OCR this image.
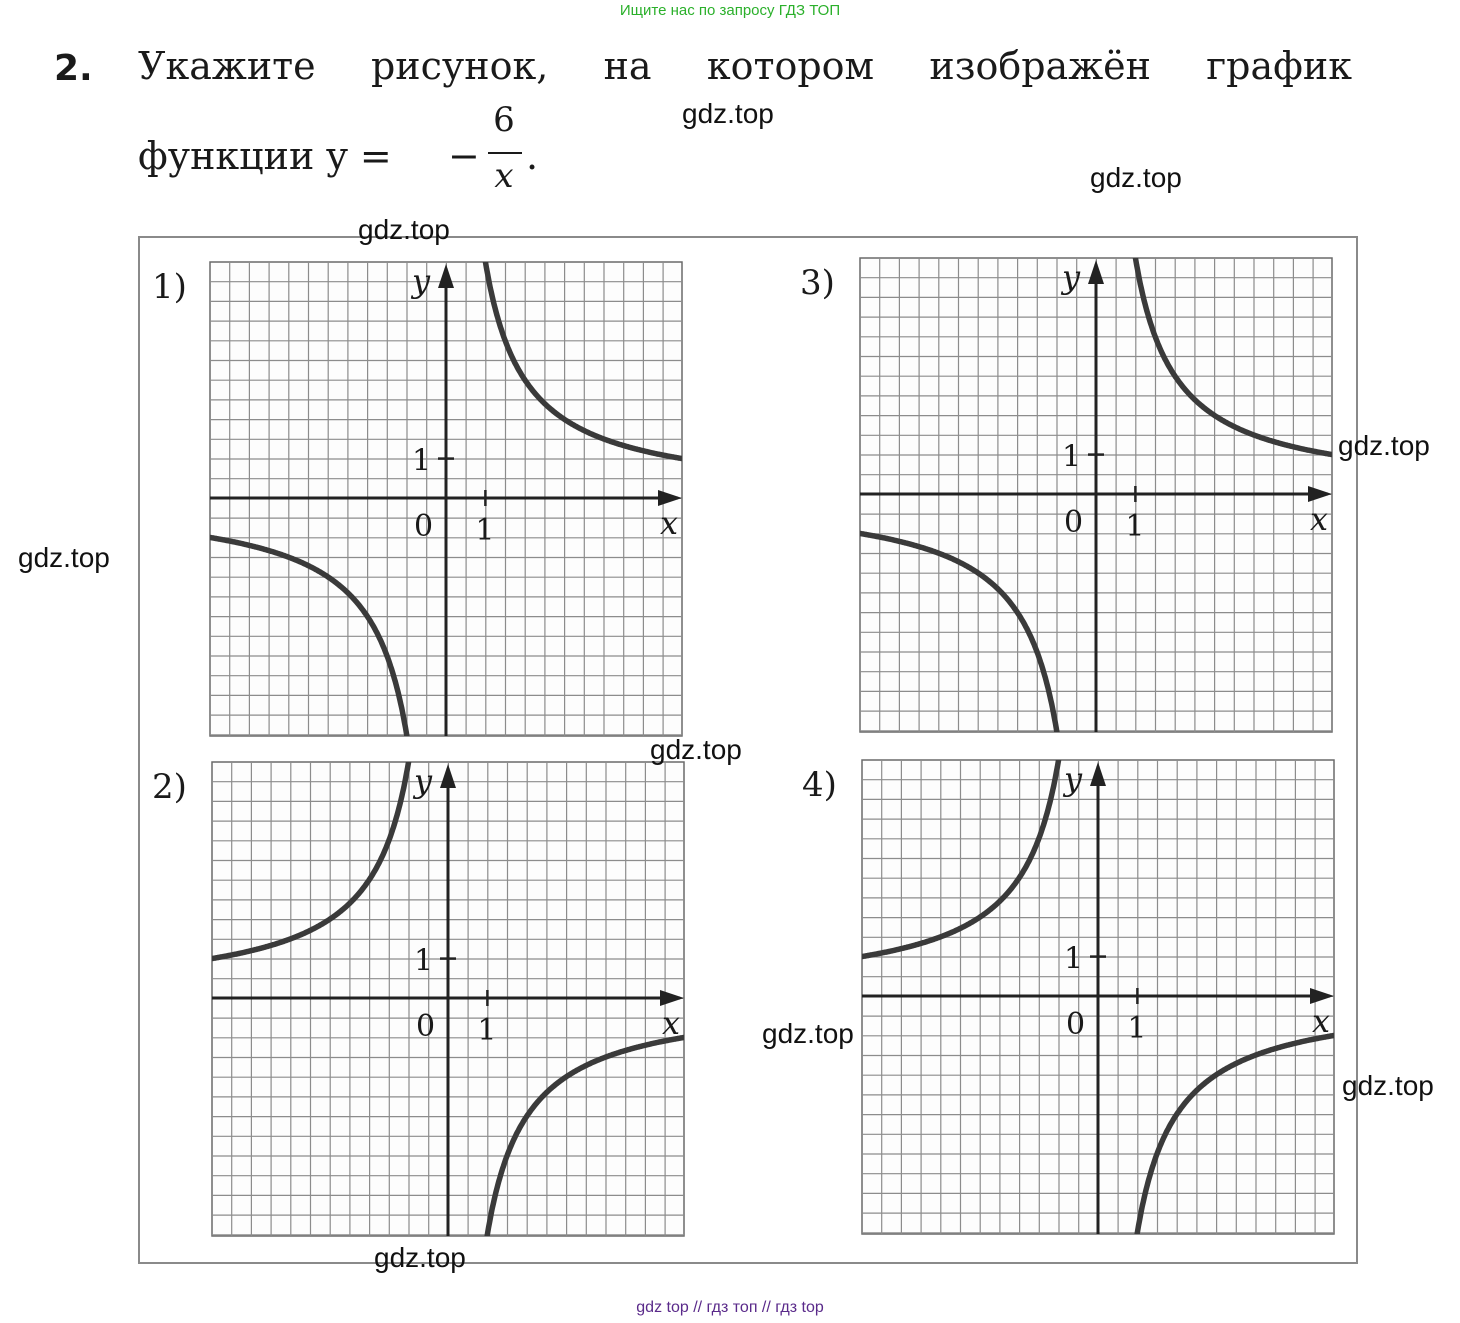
Ищите нас по запросу ГДЗ ТОП
2. Укажите рисунок, на котором изображён график
функции y = −
6
x .
1)	y
x
0 1
1
2)	y
x
0 1
1
3)	y
x
0 1
1
4)	y
x
0 1
1
gdz.top
gdz.top
gdz.top
gdz.top
gdz.top
gdz.top
gdz.top
gdz.top
gdz.top
gdz top // гдз топ // гдз top
